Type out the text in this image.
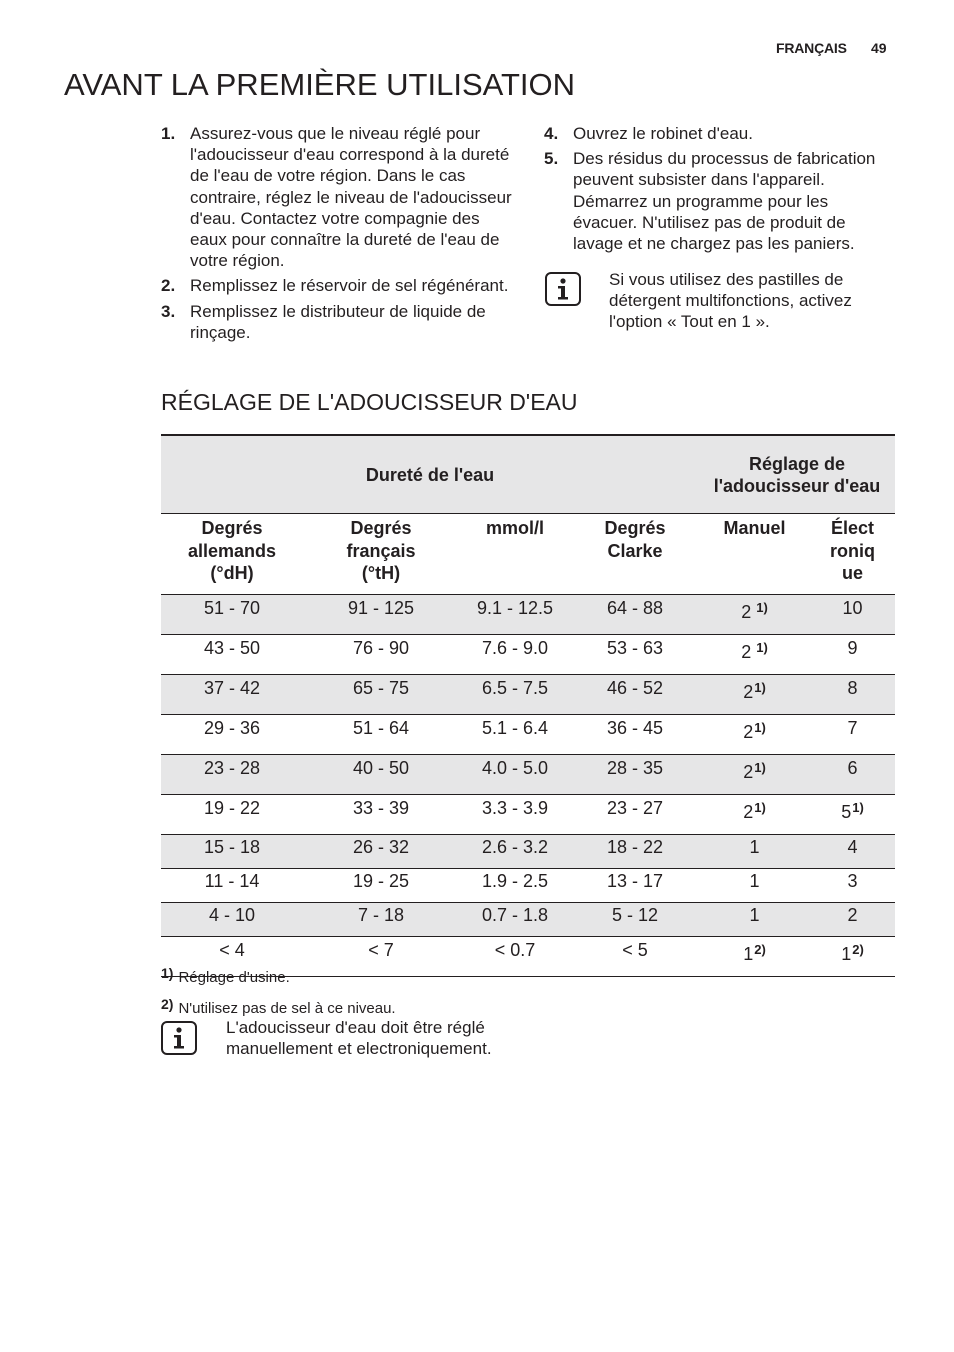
FRANÇAIS 49
AVANT LA PREMIÈRE UTILISATION
1. Assurez-vous que le niveau réglé pour l'adoucisseur d'eau correspond à la dureté de l'eau de votre région. Dans le cas contraire, réglez le niveau de l'adoucisseur d'eau. Contactez votre compagnie des eaux pour connaître la dureté de l'eau de votre région.
2. Remplissez le réservoir de sel régénérant.
3. Remplissez le distributeur de liquide de rinçage.
4. Ouvrez le robinet d'eau.
5. Des résidus du processus de fabrication peuvent subsister dans l'appareil. Démarrez un programme pour les évacuer. N'utilisez pas de produit de lavage et ne chargez pas les paniers.
Si vous utilisez des pastilles de détergent multifonctions, activez l'option « Tout en 1 ».
RÉGLAGE DE L'ADOUCISSEUR D'EAU
Dureté de l'eau				Réglage de l'adoucisseur d'eau	
Degrés allemands (°dH)	Degrés français (°tH)	mmol/l	Degrés Clarke	Manuel	Électronique
51 - 70	91 - 125	9.1 - 12.5	64 - 88	2 $^{1)}$	10
43 - 50	76 - 90	7.6 - 9.0	53 - 63	2 $^{1)}$	9
37 - 42	65 - 75	6.5 - 7.5	46 - 52	2$^{1)}$	8
29 - 36	51 - 64	5.1 - 6.4	36 - 45	2$^{1)}$	7
23 - 28	40 - 50	4.0 - 5.0	28 - 35	2$^{1)}$	6
19 - 22	33 - 39	3.3 - 3.9	23 - 27	2$^{1)}$	5$^{1)}$
15 - 18	26 - 32	2.6 - 3.2	18 - 22	1	4
11 - 14	19 - 25	1.9 - 2.5	13 - 17	1	3
4 - 10	7 - 18	0.7 - 1.8	5 - 12	1	2
< 4	< 7	< 0.7	< 5	1$^{2)}$	1$^{2)}$
1) Réglage d'usine.
2) N'utilisez pas de sel à ce niveau.
L'adoucisseur d'eau doit être réglé manuellement et electroniquement.
